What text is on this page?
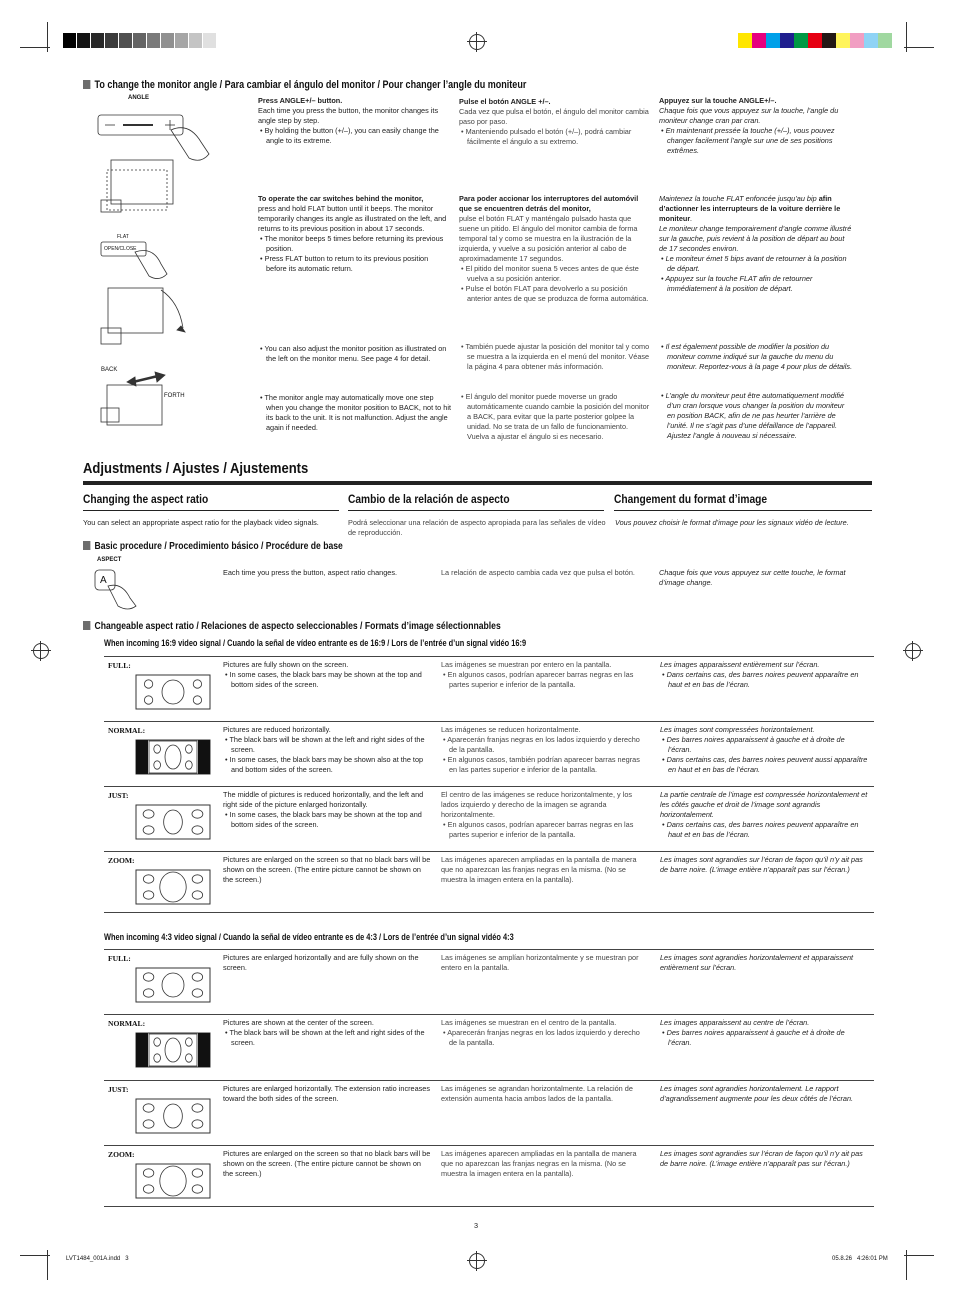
To change the monitor angle / Para cambiar el ángulo del monitor / Pour changer l’angle du moniteur
ANGLE
FLAT
OPEN/CLOSE
BACK
FORTH
Press ANGLE+/– button.
Each time you press the button, the monitor changes its angle step by step.
• By holding the button (+/–), you can easily change the angle to its extreme.
Pulse el botón ANGLE +/–.
Cada vez que pulsa el botón, el ángulo del monitor cambia paso por paso.
• Manteniendo pulsado el botón (+/–), podrá cambiar fácilmente el ángulo a su extremo.
Appuyez sur la touche ANGLE+/–.
Chaque fois que vous appuyez sur la touche, l’angle du moniteur change cran par cran.
• En maintenant pressée la touche (+/–), vous pouvez changer facilement l’angle sur une de ses positions extrêmes.
To operate the car switches behind the monitor,
press and hold FLAT button until it beeps. The monitor temporarily changes its angle as illustrated on the left, and returns to its previous position in about 17 seconds.
• The monitor beeps 5 times before returning its previous position.
• Press FLAT button to return to its previous position before its automatic return.
Para poder accionar los interruptores del automóvil que se encuentren detrás del monitor,
pulse el botón FLAT y manténgalo pulsado hasta que suene un pitido. El ángulo del monitor cambia de forma temporal tal y como se muestra en la ilustración de la izquierda, y vuelve a su posición anterior al cabo de aproximadamente 17 segundos.
• El pitido del monitor suena 5 veces antes de que éste vuelva a su posición anterior.
• Pulse el botón FLAT para devolverlo a su posición anterior antes de que se produzca de forma automática.
Maintenez la touche FLAT enfoncée jusqu’au bip afin d’actionner les interrupteurs de la voiture derrière le moniteur.
Le moniteur change temporairement d’angle comme illustré sur la gauche, puis revient à la position de départ au bout de 17 secondes environ.
• Le moniteur émet 5 bips avant de retourner à la position de départ.
• Appuyez sur la touche FLAT afin de retourner immédiatement à la position de départ.
• You can also adjust the monitor position as illustrated on the left on the monitor menu. See page 4 for detail.
• También puede ajustar la posición del monitor tal y como se muestra a la izquierda en el menú del monitor. Véase la página 4 para obtener más información.
• Il est également possible de modifier la position du moniteur comme indiqué sur la gauche du menu du moniteur. Reportez-vous à la page 4 pour plus de détails.
• The monitor angle may automatically move one step when you change the monitor position to BACK, not to hit its back to the unit. It is not malfunction. Adjust the angle again if needed.
• El ángulo del monitor puede moverse un grado automáticamente cuando cambie la posición del monitor a BACK, para evitar que la parte posterior golpee la unidad. No se trata de un fallo de funcionamiento. Vuelva a ajustar el ángulo si es necesario.
• L’angle du moniteur peut être automatiquement modifié d’un cran lorsque vous changer la position du moniteur en position BACK, afin de ne pas heurter l’arrière de l’unité. Il ne s’agit pas d’une défaillance de l’appareil. Ajustez l’angle à nouveau si nécessaire.
Adjustments / Ajustes / Ajustements
Changing the aspect ratio	Cambio de la relación de aspecto	Changement du format d’image
You can select an appropriate aspect ratio for the playback video signals.	Podrá seleccionar una relación de aspecto apropiada para las señales de vídeo de reproducción.
Vous pouvez choisir le format d’image pour les signaux vidéo de lecture.
Basic procedure / Procedimiento básico / Procédure de base
ASPECT
A
Each time you press the button, aspect ratio changes.	La relación de aspecto cambia cada vez que pulsa el botón.	Chaque fois que vous appuyez sur cette touche, le format d’image change.
Changeable aspect ratio / Relaciones de aspecto seleccionables / Formats d’image sélectionnables
When incoming 16:9 video signal / Cuando la señal de vídeo entrante es de 16:9 / Lors de l’entrée d’un signal vidéo 16:9
When incoming 4:3 video signal / Cuando la señal de vídeo entrante es de 4:3 / Lors de l’entrée d’un signal vidéo 4:3
FULL:	Pictures are fully shown on the screen.
• In some cases, the black bars may be shown at the top and bottom sides of the screen.
Las imágenes se muestran por entero en la pantalla.
• En algunos casos, podrían aparecer barras negras en las partes superior e inferior de la pantalla.
Les images apparaissent entièrement sur l’écran.
• Dans certains cas, des barres noires peuvent apparaître en haut et en bas de l’écran.
NORMAL:	Pictures are reduced horizontally.
• The black bars will be shown at the left and right sides of the screen.
• In some cases, the black bars may be shown also at the top and bottom sides of the screen.
Las imágenes se reducen horizontalmente.
• Aparecerán franjas negras en los lados izquierdo y derecho de la pantalla.
• En algunos casos, también podrían aparecer barras negras en las partes superior e inferior de la pantalla.
Les images sont compressées horizontalement.
• Des barres noires apparaissent à gauche et à droite de l’écran.
• Dans certains cas, des barres noires peuvent aussi apparaître en haut et en bas de l’écran.
JUST:	The middle of pictures is reduced horizontally, and the left and right side of the picture enlarged horizontally.
• In some cases, the black bars may be shown at the top and bottom sides of the screen.
El centro de las imágenes se reduce horizontalmente, y los lados izquierdo y derecho de la imagen se agranda horizontalmente.
• En algunos casos, podrían aparecer barras negras en las partes superior e inferior de la pantalla.
La partie centrale de l’image est compressée horizontalement et les côtés gauche et droit de l’image sont agrandis horizontalement.
• Dans certains cas, des barres noires peuvent apparaître en haut et en bas de l’écran.
ZOOM:	Pictures are enlarged on the screen so that no black bars will be shown on the screen. (The entire picture cannot be shown on the screen.)
Las imágenes aparecen ampliadas en la pantalla de manera que no aparezcan las franjas negras en la misma. (No se muestra la imagen entera en la pantalla).
Les images sont agrandies sur l’écran de façon qu’il n’y ait pas de barre noire. (L’image entière n’apparaît pas sur l’écran.)
FULL:	Pictures are enlarged horizontally and are fully shown on the screen.
Las imágenes se amplían horizontalmente y se muestran por entero en la pantalla.
Les images sont agrandies horizontalement et apparaissent entièrement sur l’écran.
NORMAL:	Pictures are shown at the center of the screen.
• The black bars will be shown at the left and right sides of the screen.
Las imágenes se muestran en el centro de la pantalla.
• Aparecerán franjas negras en los lados izquierdo y derecho de la pantalla.
Les images apparaissent au centre de l’écran.
• Des barres noires apparaissent à gauche et à droite de l’écran.
JUST:	Pictures are enlarged horizontally. The extension ratio increases toward the both sides of the screen.
Las imágenes se agrandan horizontalmente. La relación de extensión aumenta hacia ambos lados de la pantalla.
Les images sont agrandies horizontalement. Le rapport d’agrandissement augmente pour les deux côtés de l’écran.
ZOOM:	Pictures are enlarged on the screen so that no black bars will be shown on the screen. (The entire picture cannot be shown on the screen.)
Las imágenes aparecen ampliadas en la pantalla de manera que no aparezcan las franjas negras en la misma. (No se muestra la imagen entera en la pantalla).
Les images sont agrandies sur l’écran de façon qu’il n’y ait pas de barre noire. (L’image entière n’apparaît pas sur l’écran.)
3
LVT1484_001A.indd   3	05.8.26   4:26:01 PM
